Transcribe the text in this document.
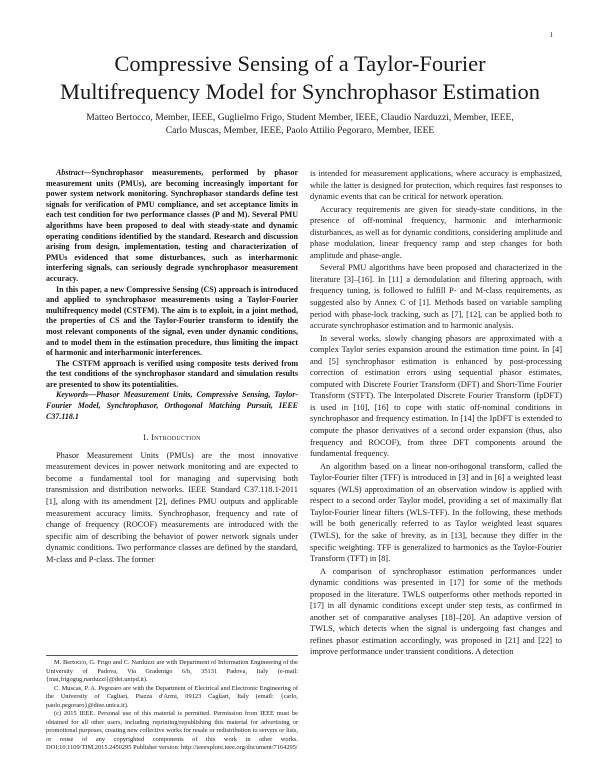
1
Compressive Sensing of a Taylor-Fourier
Multifrequency Model for Synchrophasor Estimation
Matteo Bertocco, Member, IEEE, Guglielmo Frigo, Student Member, IEEE, Claudio Narduzzi, Member, IEEE,
Carlo Muscas, Member, IEEE, Paolo Attilio Pegoraro, Member, IEEE

Abstract—Synchrophasor measurements, performed by phasor measurement units (PMUs), are becoming increasingly important for power system network monitoring. Synchrophasor standards define test signals for verification of PMU compliance, and set acceptance limits in each test condition for two performance classes (P and M). Several PMU algorithms have been proposed to deal with steady-state and dynamic operating conditions identified by the standard. Research and discussion arising from design, implementation, testing and characterization of PMUs evidenced that some disturbances, such as interharmonic interfering signals, can seriously degrade synchrophasor measurement accuracy.

In this paper, a new Compressive Sensing (CS) approach is introduced and applied to synchrophasor measurements using a Taylor-Fourier multifrequency model (CSTFM). The aim is to exploit, in a joint method, the properties of CS and the Taylor-Fourier transform to identify the most relevant components of the signal, even under dynamic conditions, and to model them in the estimation procedure, thus limiting the impact of harmonic and interharmonic interferences.

The CSTFM approach is verified using composite tests derived from the test conditions of the synchrophasor standard and simulation results are presented to show its potentialities.

Keywords—Phasor Measurement Units, Compressive Sensing, Taylor-Fourier Model, Synchrophasor, Orthogonal Matching Pursuit, IEEE C37.118.1

I. Introduction

Phasor Measurement Units (PMUs) are the most innovative measurement devices in power network monitoring and are expected to become a fundamental tool for managing and supervising both transmission and distribution networks. IEEE Standard C37.118.1-2011 [1], along with its amendment [2], defines PMU outputs and applicable measurement accuracy limits. Synchrophasor, frequency and rate of change of frequency (ROCOF) measurements are introduced with the specific aim of describing the behavior of power network signals under dynamic conditions. Two performance classes are defined by the standard, M-class and P-class. The former

M. Bertocco, G. Frigo and C. Narduzzi are with Department of Information Engineering of the University of Padova, Via Gradenigo 6/b, 35131 Padova, Italy (e-mail: {mat,frigogug,narduzzi}@dei.unipd.it).

C. Muscas, P. A. Pegoraro are with the Department of Electrical and Electronic Engineering of the University of Cagliari, Piazza d'Armi, 09123 Cagliari, Italy (email: {carlo, paolo.pegoraro}@diee.unica.it).

(c) 2015 IEEE. Personal use of this material is permitted. Permission from IEEE must be obtained for all other users, including reprinting/republishing this material for advertising or promotional purposes, creating new collective works for resale or redistribution to servers or lists, or reuse of any copyrighted components of this work in other works. DOI:10.1109/TIM.2015.2450295 Publisher version: http://ieeexplore.ieee.org/document/7164295/

is intended for measurement applications, where accuracy is emphasized, while the latter is designed for protection, which requires fast responses to dynamic events that can be critical for network operation.

Accuracy requirements are given for steady-state conditions, in the presence of off-nominal frequency, harmonic and interharmonic disturbances, as well as for dynamic conditions, considering amplitude and phase modulation, linear frequency ramp and step changes for both amplitude and phase-angle.

Several PMU algorithms have been proposed and characterized in the literature [3]–[16]. In [11] a demodulation and filtering approach, with frequency tuning, is followed to fulfill P- and M-class requirements, as suggested also by Annex C of [1]. Methods based on variable sampling period with phase-lock tracking, such as [7], [12], can be applied both to accurate synchrophasor estimation and to harmonic analysis.

In several works, slowly changing phasors are approximated with a complex Taylor series expansion around the estimation time point. In [4] and [5] synchrophasor estimation is enhanced by post-processing correction of estimation errors using sequential phasor estimates, computed with Discrete Fourier Transform (DFT) and Short-Time Fourier Transform (STFT). The Interpolated Discrete Fourier Transform (IpDFT) is used in [10], [16] to cope with static off-nominal conditions in synchrophasor and frequency estimation. In [14] the IpDFT is extended to compute the phasor derivatives of a second order expansion (thus, also frequency and ROCOF), from three DFT components around the fundamental frequency.

An algorithm based on a linear non-orthogonal transform, called the Taylor-Fourier filter (TFF) is introduced in [3] and in [6] a weighted least squares (WLS) approximation of an observation window is applied with respect to a second order Taylor model, providing a set of maximally flat Taylor-Fourier linear filters (WLS-TFF). In the following, these methods will be both generically referred to as Taylor weighted least squares (TWLS), for the sake of brevity, as in [13], because they differ in the specific weighting. TFF is generalized to harmonics as the Taylor-Fourier Transform (TFT) in [8].

A comparison of synchrophasor estimation performances under dynamic conditions was presented in [17] for some of the methods proposed in the literature. TWLS outperforms other methods reported in [17] in all dynamic conditions except under step tests, as confirmed in another set of comparative analyses [18]–[20]. An adaptive version of TWLS, which detects when the signal is undergoing fast changes and refines phasor estimation accordingly, was proposed in [21] and [22] to improve performance under transient conditions. A detection
